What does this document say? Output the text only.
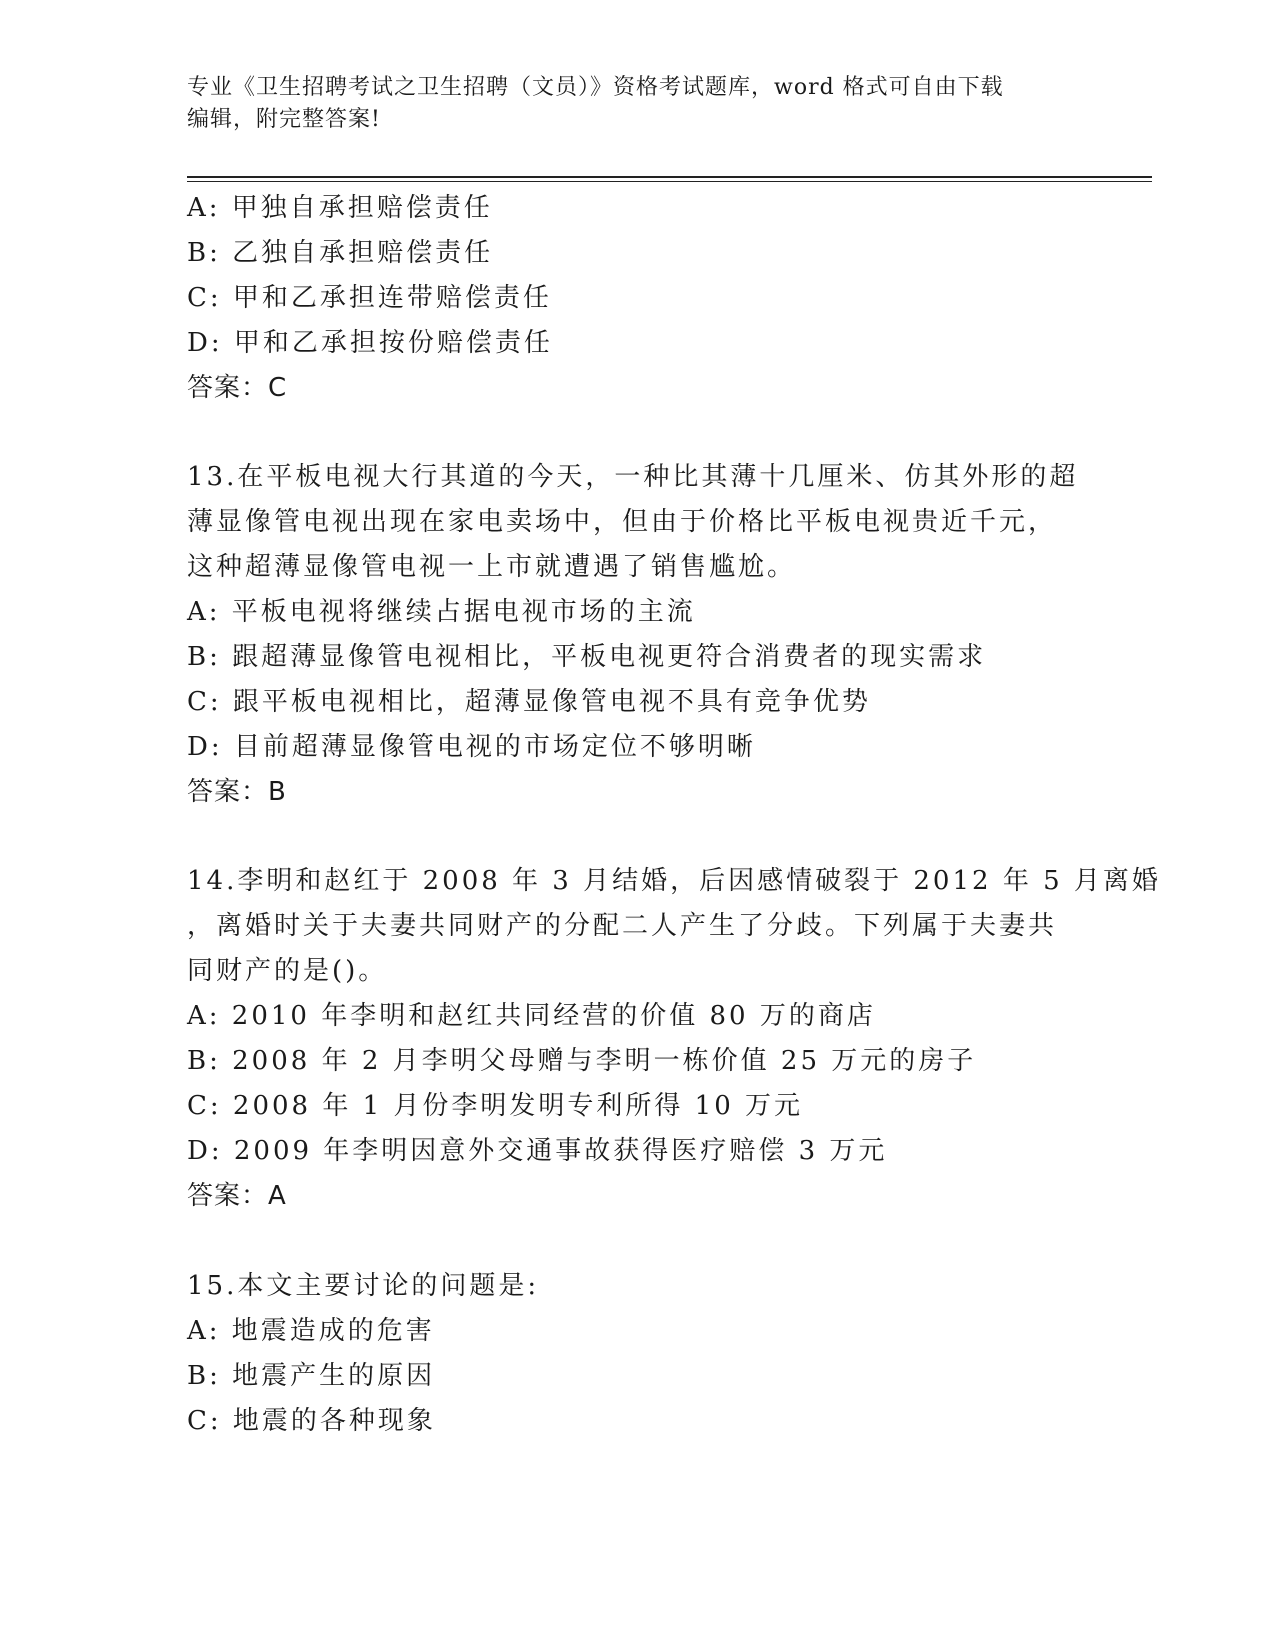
专业《卫生招聘考试之卫生招聘（文员）》资格考试题库，word 格式可自由下载
编辑，附完整答案!
A: 甲独自承担赔偿责任
B: 乙独自承担赔偿责任
C: 甲和乙承担连带赔偿责任
D: 甲和乙承担按份赔偿责任
答案：C
13.在平板电视大行其道的今天，一种比其薄十几厘米、仿其外形的超
薄显像管电视出现在家电卖场中，但由于价格比平板电视贵近千元，
这种超薄显像管电视一上市就遭遇了销售尴尬。
A: 平板电视将继续占据电视市场的主流
B: 跟超薄显像管电视相比，平板电视更符合消费者的现实需求
C: 跟平板电视相比，超薄显像管电视不具有竞争优势
D: 目前超薄显像管电视的市场定位不够明晰
答案：B
14.李明和赵红于 2008 年 3 月结婚，后因感情破裂于 2012 年 5 月离婚
，离婚时关于夫妻共同财产的分配二人产生了分歧。下列属于夫妻共
同财产的是()。
A: 2010 年李明和赵红共同经营的价值 80 万的商店
B: 2008 年 2 月李明父母赠与李明一栋价值 25 万元的房子
C: 2008 年 1 月份李明发明专利所得 10 万元
D: 2009 年李明因意外交通事故获得医疗赔偿 3 万元
答案：A
15.本文主要讨论的问题是:
A: 地震造成的危害
B: 地震产生的原因
C: 地震的各种现象
